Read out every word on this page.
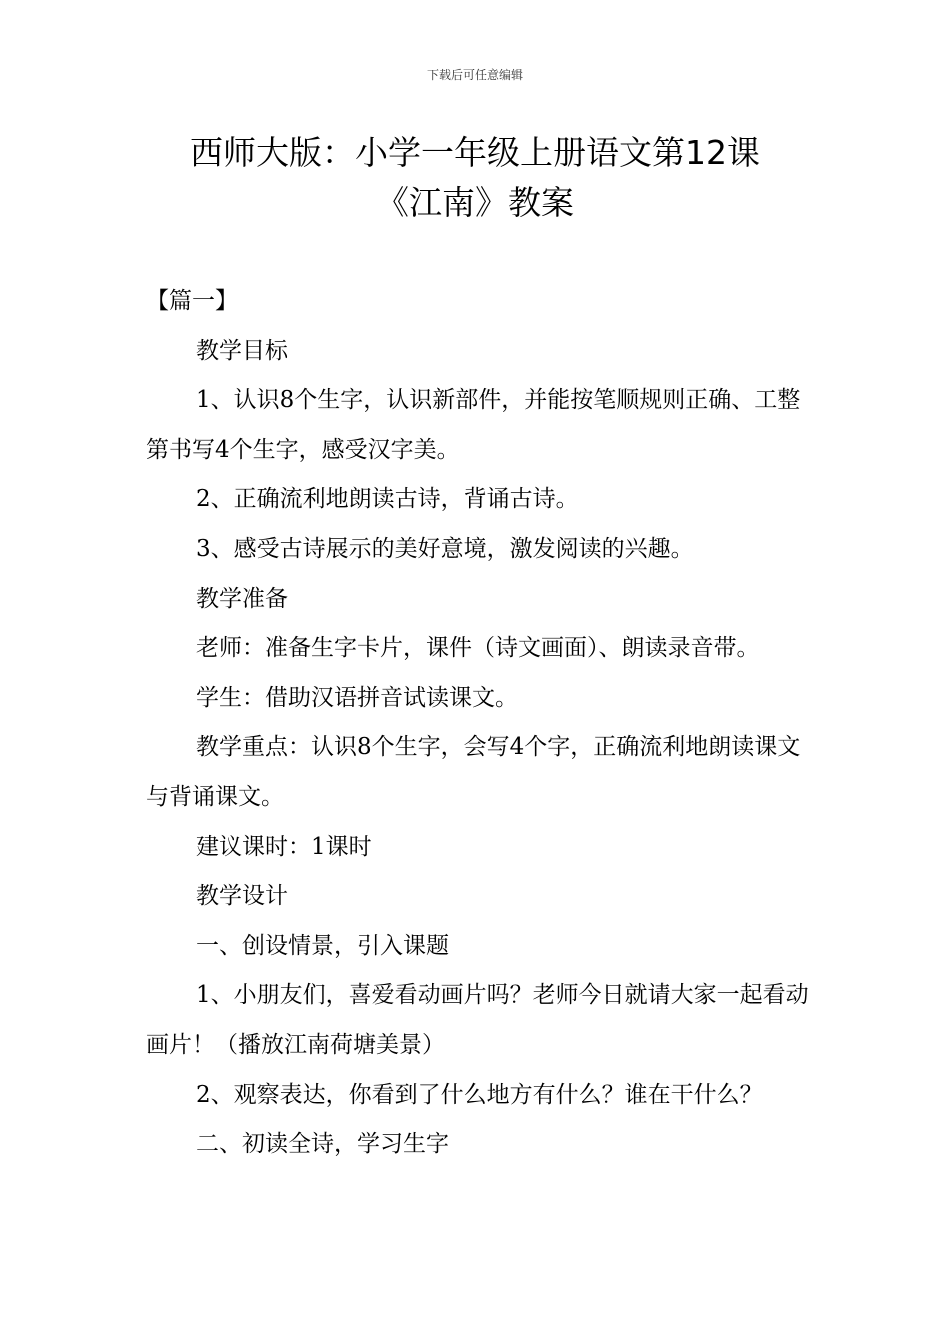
下载后可任意编辑
西师大版：小学一年级上册语文第12课
《江南》教案

【篇一】

教学目标

1、认识8个生字，认识新部件，并能按笔顺规则正确、工整第书写4个生字，感受汉字美。

2、正确流利地朗读古诗，背诵古诗。

3、感受古诗展示的美好意境，激发阅读的兴趣。

教学准备

老师：准备生字卡片，课件（诗文画面）、朗读录音带。

学生：借助汉语拼音试读课文。

教学重点：认识8个生字，会写4个字，正确流利地朗读课文与背诵课文。

建议课时：1课时

教学设计

一、创设情景，引入课题

1、小朋友们，喜爱看动画片吗？老师今日就请大家一起看动画片！（播放江南荷塘美景）

2、观察表达，你看到了什么地方有什么？谁在干什么？

二、初读全诗，学习生字
